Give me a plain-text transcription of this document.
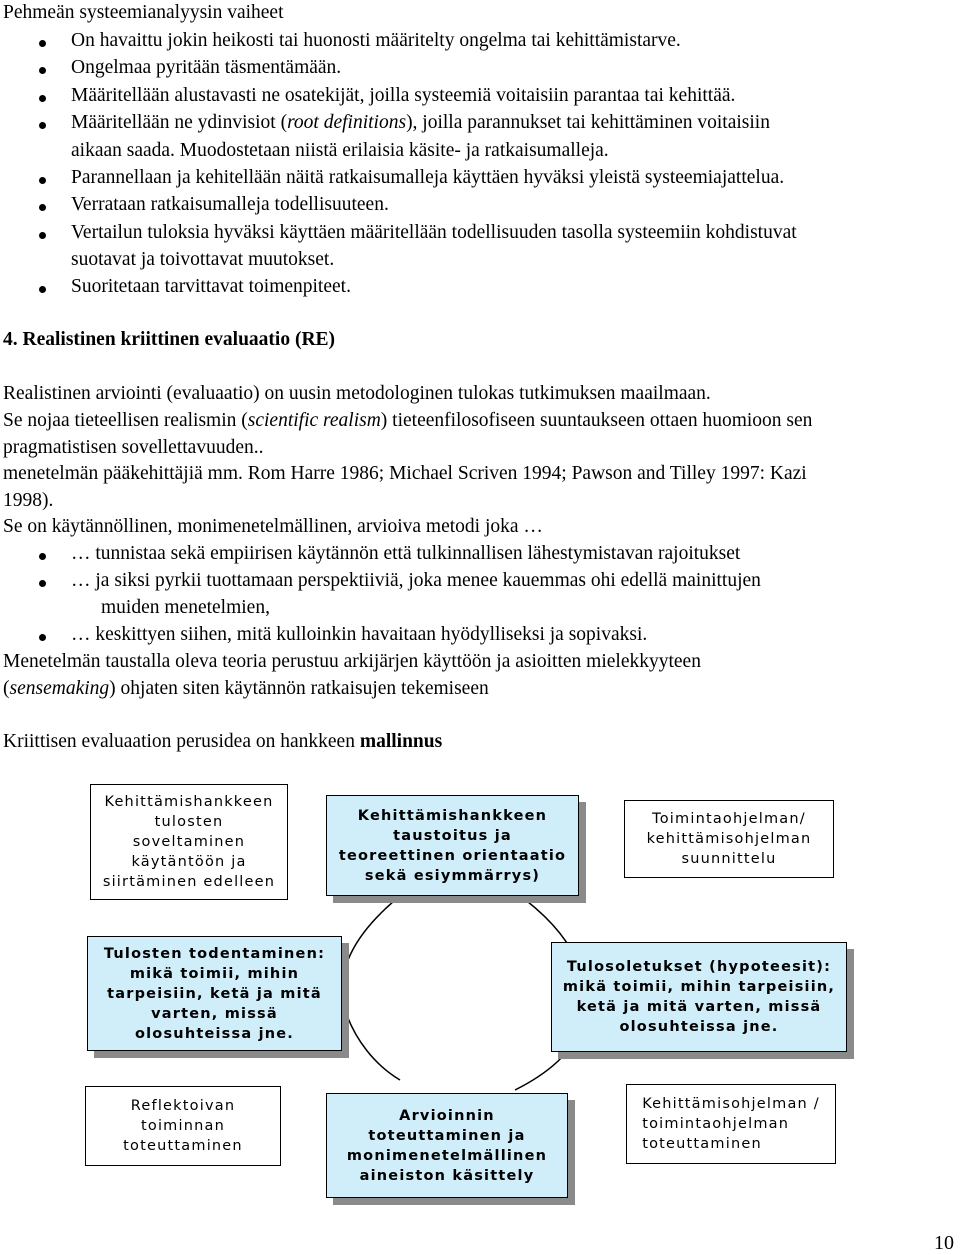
Pehmeän systeemianalyysin vaiheet
On havaittu jokin heikosti tai huonosti määritelty ongelma tai kehittämistarve.
Ongelmaa pyritään täsmentämään.
Määritellään alustavasti ne osatekijät, joilla systeemiä voitaisiin parantaa tai kehittää.
Määritellään ne ydinvisiot (root definitions), joilla parannukset tai kehittäminen voitaisiin
aikaan saada. Muodostetaan niistä erilaisia käsite- ja ratkaisumalleja.
Parannellaan ja kehitellään näitä ratkaisumalleja käyttäen hyväksi yleistä systeemiajattelua.
Verrataan ratkaisumalleja todellisuuteen.
Vertailun tuloksia hyväksi käyttäen määritellään todellisuuden tasolla systeemiin kohdistuvat
suotavat ja toivottavat muutokset.
Suoritetaan tarvittavat toimenpiteet.
4. Realistinen kriittinen evaluaatio (RE)
Realistinen arviointi (evaluaatio) on uusin metodologinen tulokas tutkimuksen maailmaan.
Se nojaa tieteellisen realismin (scientific realism) tieteenfilosofiseen suuntaukseen ottaen huomioon sen
pragmatistisen sovellettavuuden..
menetelmän pääkehittäjiä mm. Rom Harre 1986; Michael Scriven 1994; Pawson and Tilley 1997: Kazi
1998).
Se on käytännöllinen, monimenetelmällinen, arvioiva metodi joka …
… tunnistaa sekä empiirisen käytännön että tulkinnallisen lähestymistavan rajoitukset
… ja siksi pyrkii tuottamaan perspektiiviä, joka menee kauemmas ohi edellä mainittujen
muiden menetelmien,
… keskittyen siihen, mitä kulloinkin havaitaan hyödylliseksi ja sopivaksi.
Menetelmän taustalla oleva teoria perustuu arkijärjen käyttöön ja asioitten mielekkyyteen
(sensemaking) ohjaten siten käytännön ratkaisujen tekemiseen
Kriittisen evaluaation perusidea on hankkeen mallinnus
Kehittämishankkeen
tulosten
soveltaminen
käytäntöön ja
siirtäminen edelleen
Kehittämishankkeen
taustoitus ja
teoreettinen orientaatio
sekä esiymmärrys)
Toimintaohjelman/
kehittämisohjelman
suunnittelu
Tulosten todentaminen:
mikä toimii, mihin
tarpeisiin, ketä ja mitä
varten, missä
olosuhteissa jne.
Tulosoletukset (hypoteesit):
mikä toimii, mihin tarpeisiin,
ketä ja mitä varten, missä
olosuhteissa jne.
Reflektoivan
toiminnan
toteuttaminen
Arvioinnin
toteuttaminen ja
monimenetelmällinen
aineiston käsittely
Kehittämisohjelman /
toimintaohjelman
toteuttaminen
10
